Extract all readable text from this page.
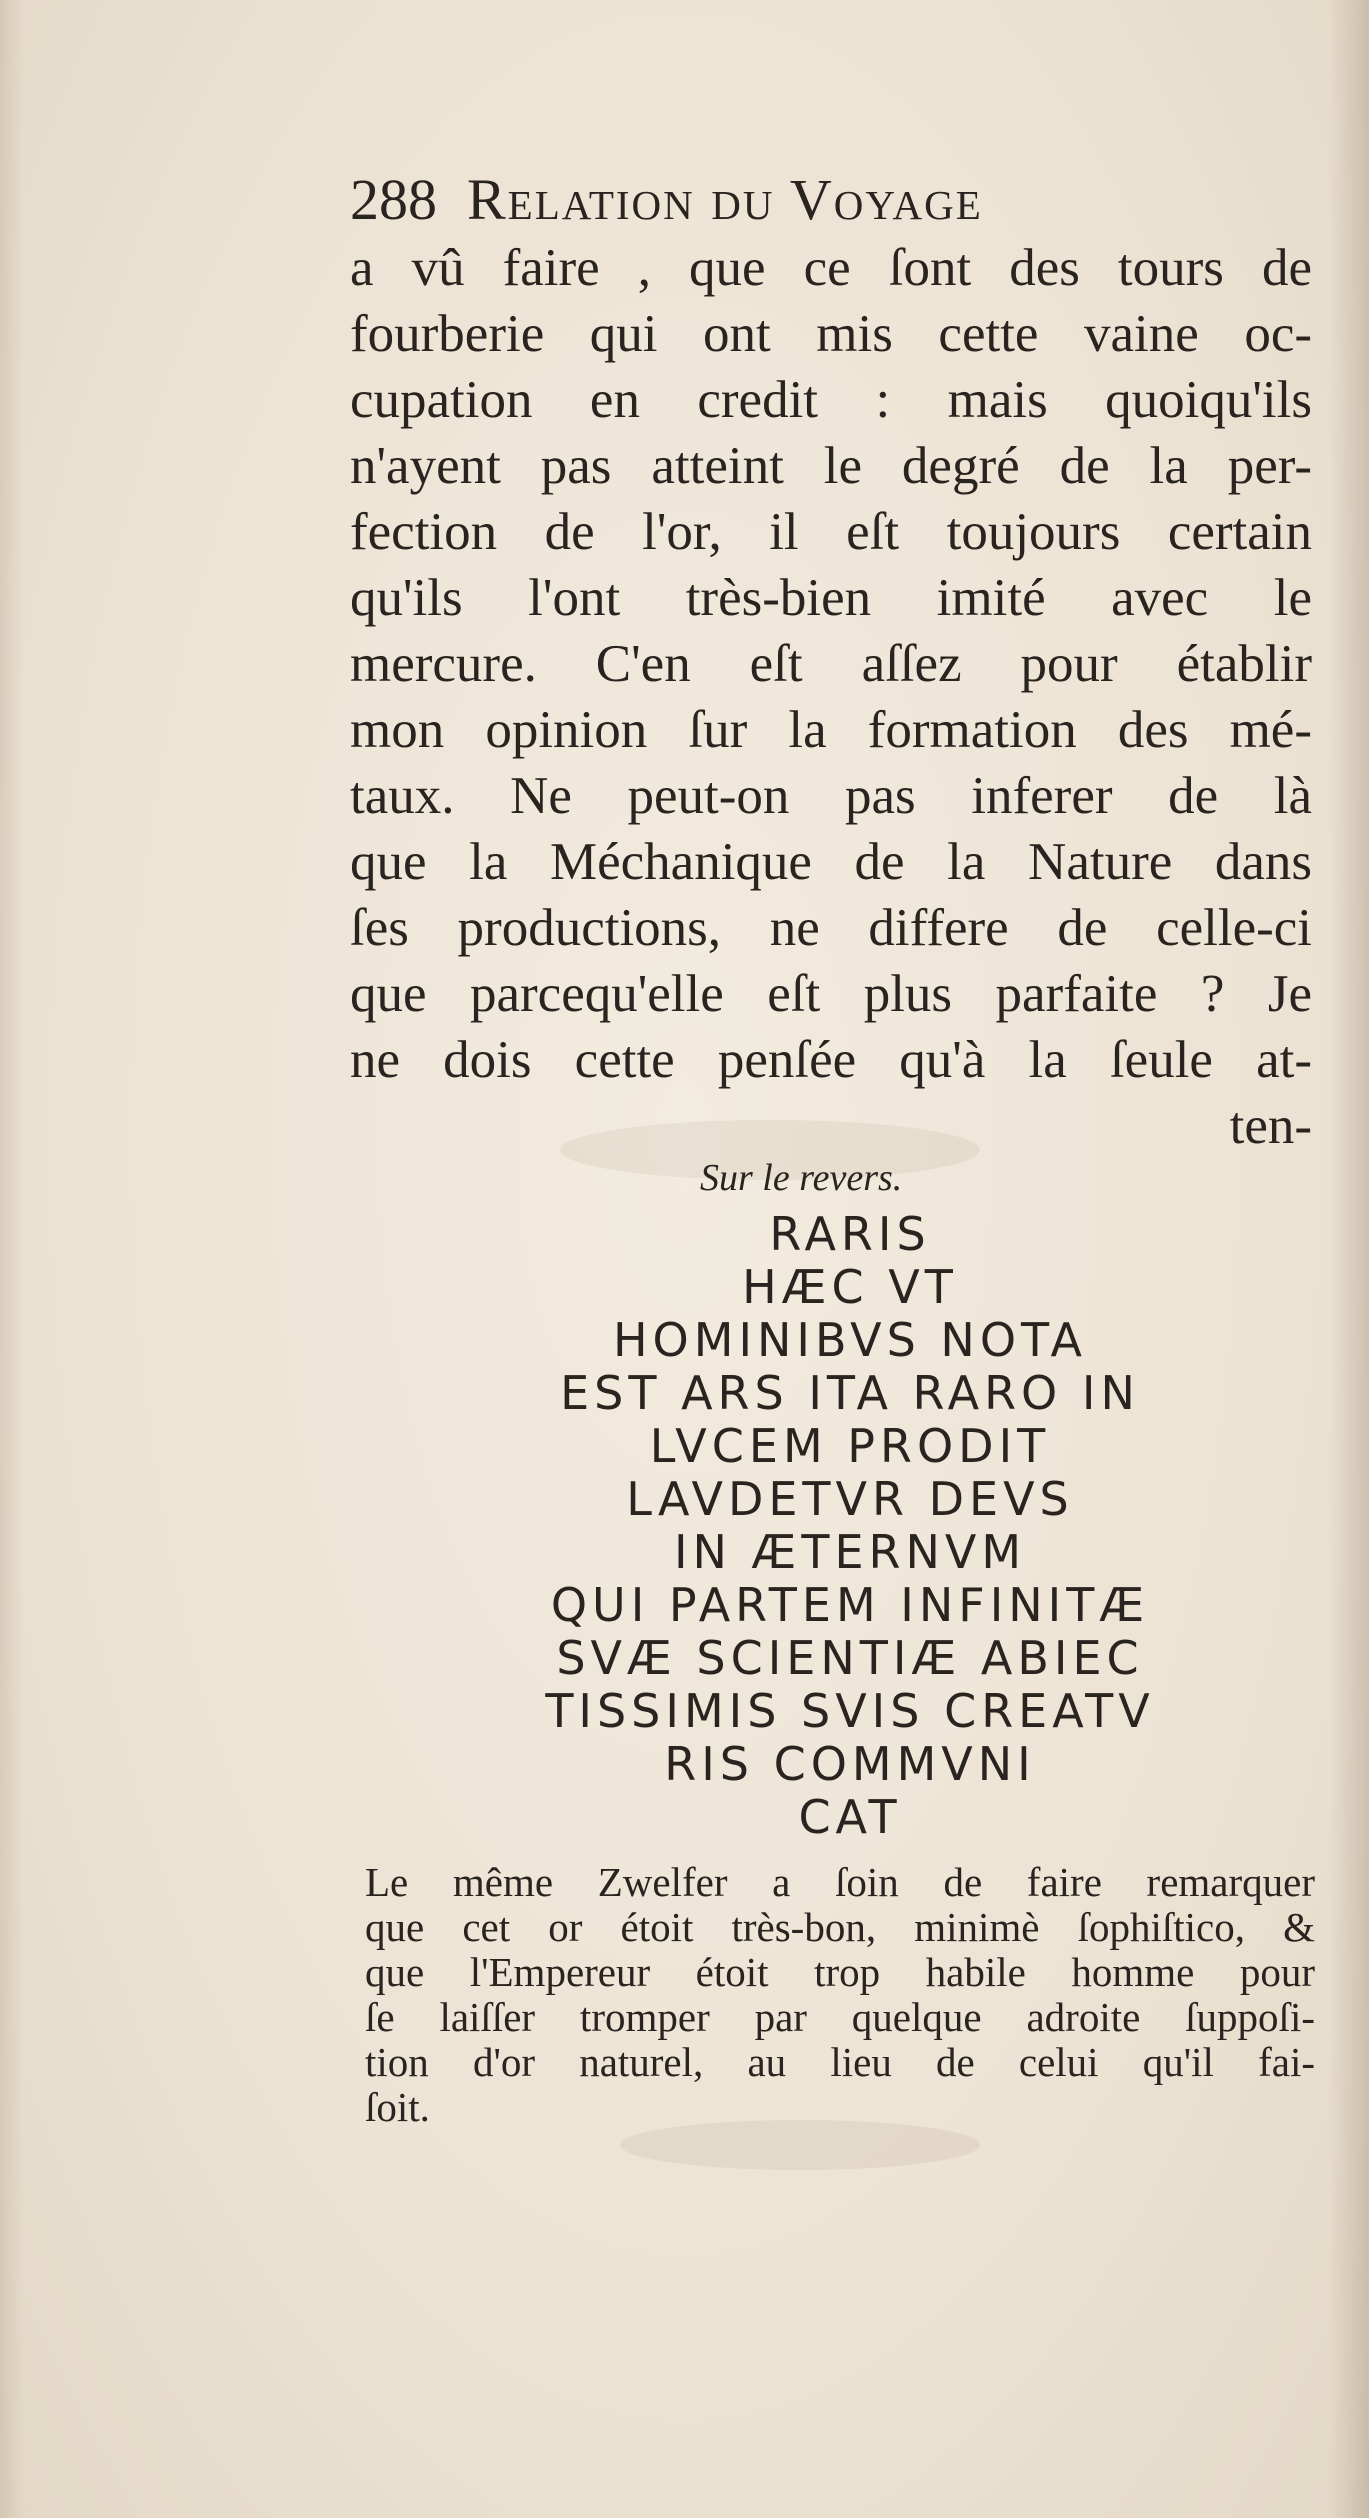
288 Relation du Voyage
a vû faire , que ce ſont des tours de
fourberie qui ont mis cette vaine oc-
cupation en credit : mais quoiqu'ils
n'ayent pas atteint le degré de la per-
fection de l'or, il eſt toujours certain
qu'ils l'ont très-bien imité avec le
mercure. C'en eſt aſſez pour établir
mon opinion ſur la formation des mé-
taux. Ne peut-on pas inferer de là
que la Méchanique de la Nature dans
ſes productions, ne differe de celle-ci
que parcequ'elle eſt plus parfaite ? Je
ne dois cette penſée qu'à la ſeule at-
ten-
Sur le revers.
RARIS
HÆC VT
HOMINIBVS NOTA
EST ARS ITA RARO IN
LVCEM PRODIT
LAVDETVR DEVS
IN ÆTERNVM
QUI PARTEM INFINITÆ
SVÆ SCIENTIÆ ABIEC
TISSIMIS SVIS CREATV
RIS COMMVNI
CAT
Le même Zwelfer a ſoin de faire remarquer
que cet or étoit très-bon, minimè ſophiſtico, &
que l'Empereur étoit trop habile homme pour
ſe laiſſer tromper par quelque adroite ſuppoſi-
tion d'or naturel, au lieu de celui qu'il fai-
ſoit.
